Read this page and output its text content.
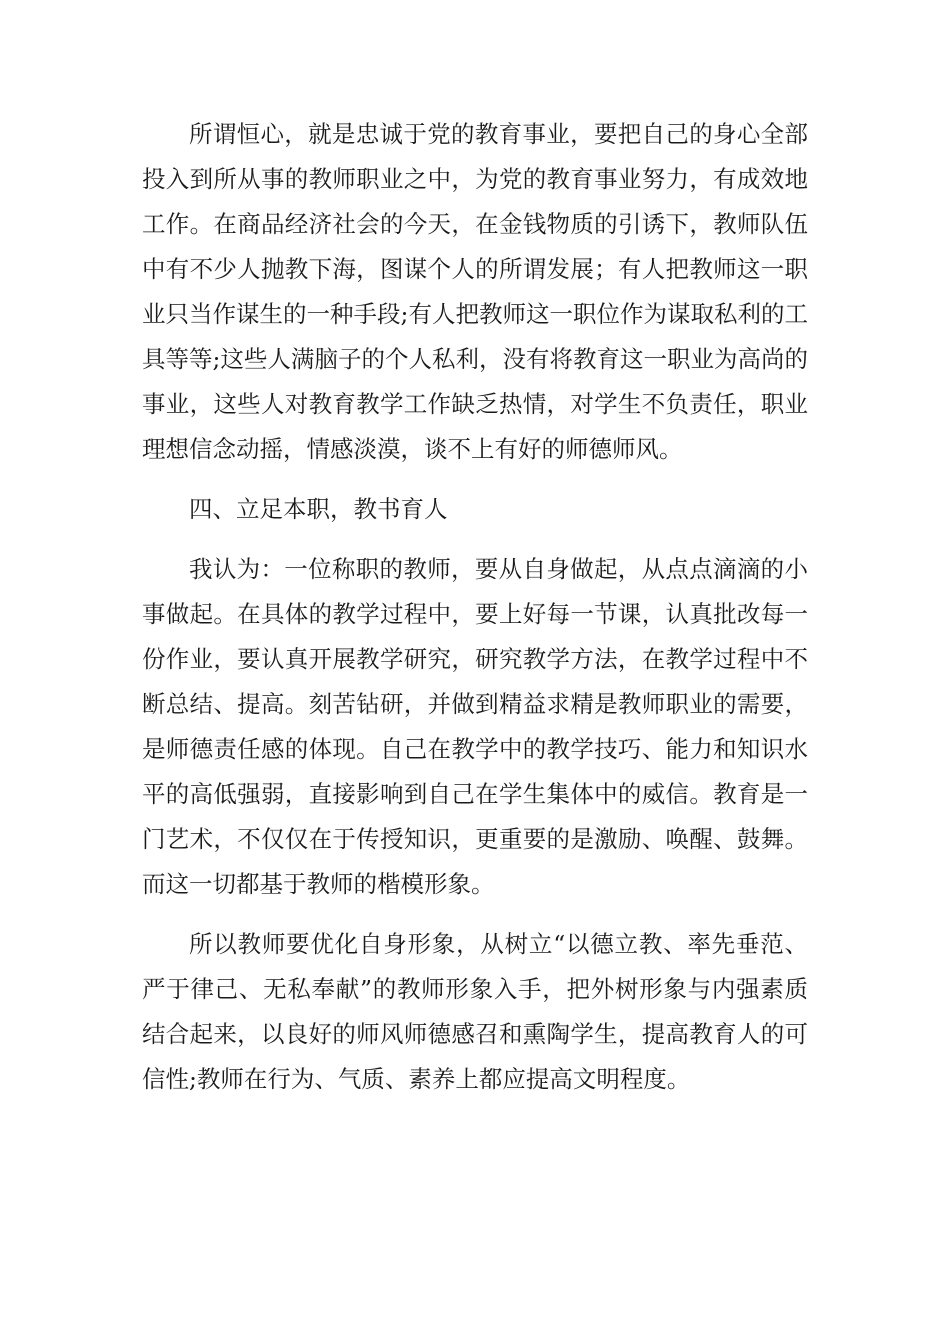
所谓恒心，就是忠诚于党的教育事业，要把自己的身心全部投入到所从事的教师职业之中，为党的教育事业努力，有成效地工作。在商品经济社会的今天，在金钱物质的引诱下，教师队伍中有不少人抛教下海，图谋个人的所谓发展；有人把教师这一职业只当作谋生的一种手段;有人把教师这一职位作为谋取私利的工具等等;这些人满脑子的个人私利，没有将教育这一职业为高尚的事业，这些人对教育教学工作缺乏热情，对学生不负责任，职业理想信念动摇，情感淡漠，谈不上有好的师德师风。

四、立足本职，教书育人

我认为：一位称职的教师，要从自身做起，从点点滴滴的小事做起。在具体的教学过程中，要上好每一节课，认真批改每一份作业，要认真开展教学研究，研究教学方法，在教学过程中不断总结、提高。刻苦钻研，并做到精益求精是教师职业的需要，是师德责任感的体现。自己在教学中的教学技巧、能力和知识水平的高低强弱，直接影响到自己在学生集体中的威信。教育是一门艺术，不仅仅在于传授知识，更重要的是激励、唤醒、鼓舞。而这一切都基于教师的楷模形象。

所以教师要优化自身形象，从树立“以德立教、率先垂范、严于律己、无私奉献”的教师形象入手，把外树形象与内强素质结合起来，以良好的师风师德感召和熏陶学生，提高教育人的可信性;教师在行为、气质、素养上都应提高文明程度。
